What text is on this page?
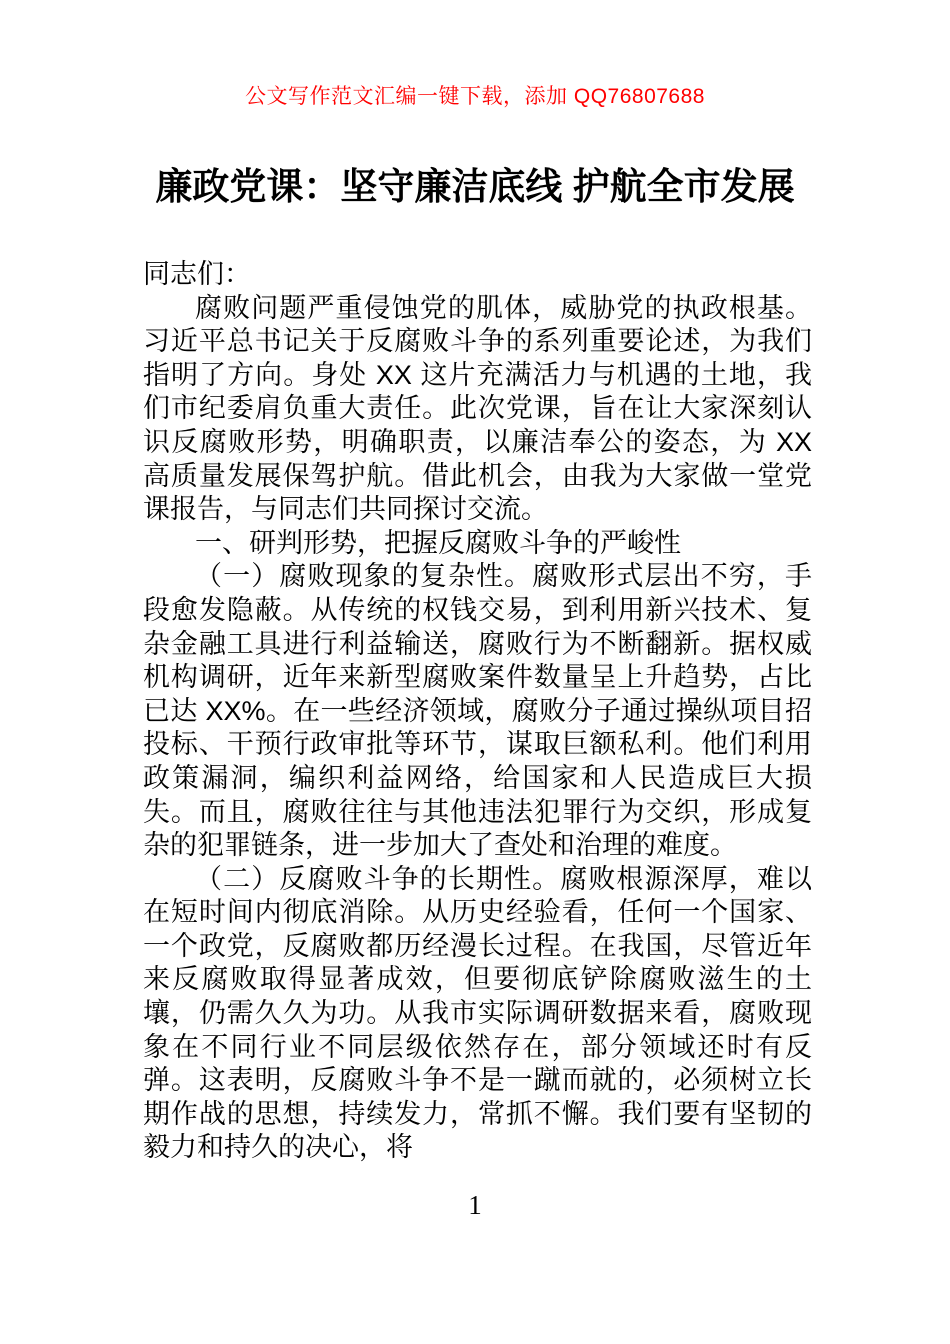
公文写作范文汇编一键下载，添加 QQ76807688
廉政党课：坚守廉洁底线 护航全市发展

同志们：

腐败问题严重侵蚀党的肌体，威胁党的执政根基。习近平总书记关于反腐败斗争的系列重要论述，为我们指明了方向。身处 XX 这片充满活力与机遇的土地，我们市纪委肩负重大责任。此次党课，旨在让大家深刻认识反腐败形势，明确职责，以廉洁奉公的姿态，为 XX 高质量发展保驾护航。借此机会，由我为大家做一堂党课报告，与同志们共同探讨交流。

一、研判形势，把握反腐败斗争的严峻性

（一）腐败现象的复杂性。腐败形式层出不穷，手段愈发隐蔽。从传统的权钱交易，到利用新兴技术、复杂金融工具进行利益输送，腐败行为不断翻新。据权威机构调研，近年来新型腐败案件数量呈上升趋势，占比已达 XX%。在一些经济领域，腐败分子通过操纵项目招投标、干预行政审批等环节，谋取巨额私利。他们利用政策漏洞，编织利益网络，给国家和人民造成巨大损失。而且，腐败往往与其他违法犯罪行为交织，形成复杂的犯罪链条，进一步加大了查处和治理的难度。

（二）反腐败斗争的长期性。腐败根源深厚，难以在短时间内彻底消除。从历史经验看，任何一个国家、一个政党，反腐败都历经漫长过程。在我国，尽管近年来反腐败取得显著成效，但要彻底铲除腐败滋生的土壤，仍需久久为功。从我市实际调研数据来看，腐败现象在不同行业不同层级依然存在，部分领域还时有反弹。这表明，反腐败斗争不是一蹴而就的，必须树立长期作战的思想，持续发力，常抓不懈。我们要有坚韧的毅力和持久的决心，将

1
